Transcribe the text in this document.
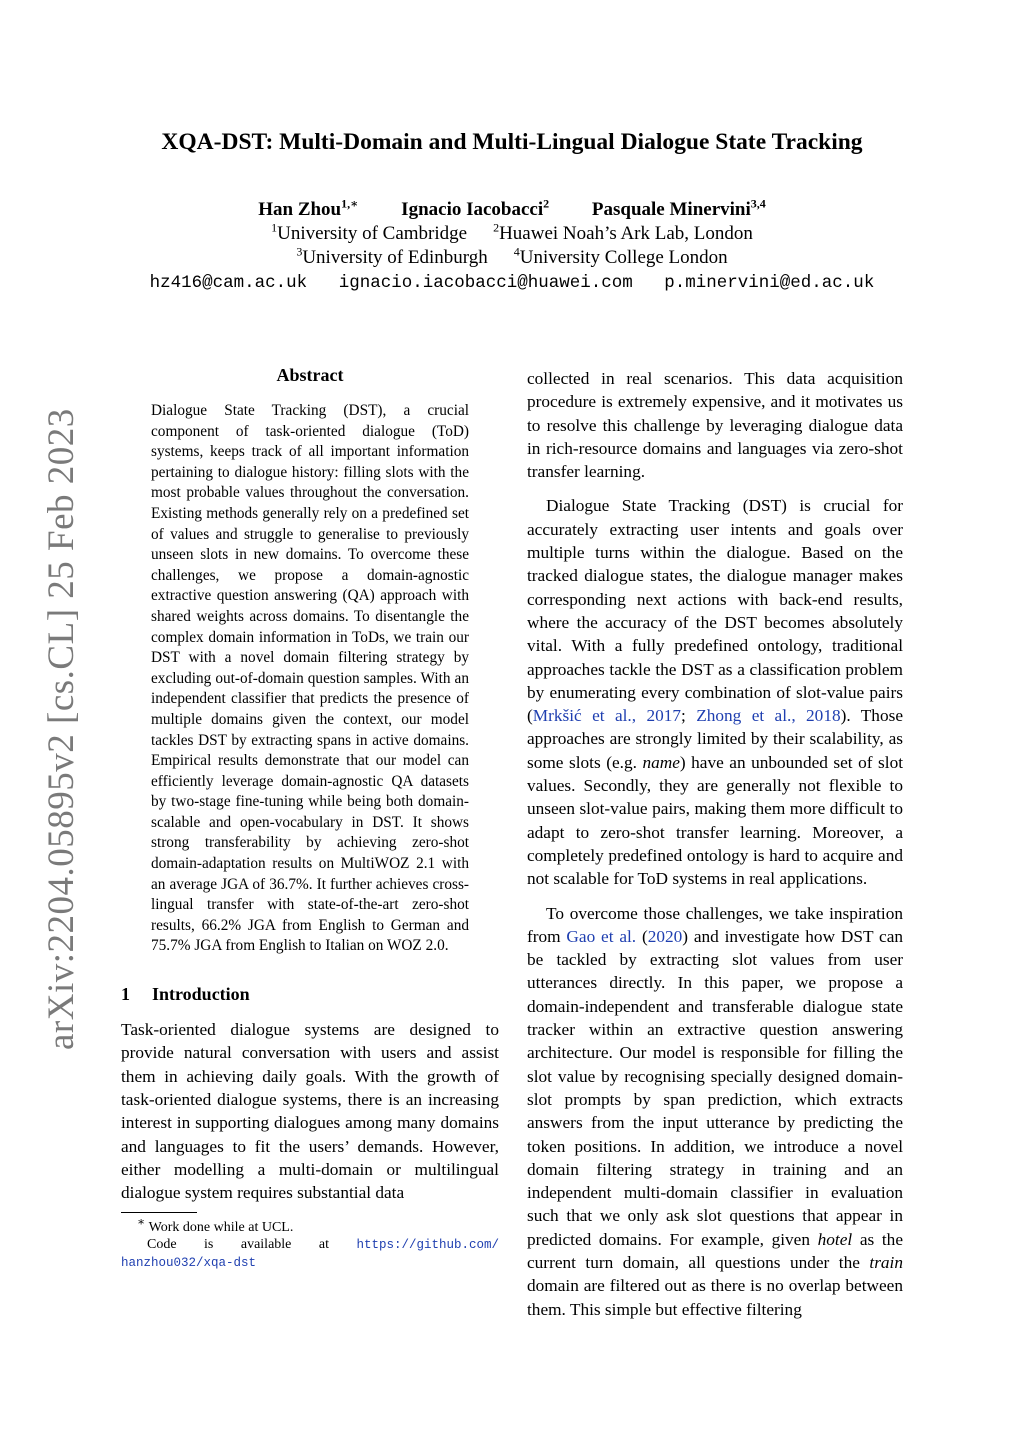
arXiv:2204.05895v2 [cs.CL] 25 Feb 2023
XQA-DST: Multi-Domain and Multi-Lingual Dialogue State Tracking
Han Zhou$^{1,∗}$ Ignacio Iacobacci$^2$ Pasquale Minervini$^{3,4}$
$^1$University of Cambridge $^2$Huawei Noah’s Ark Lab, London
$^3$University of Edinburgh $^4$University College London
hz416@cam.ac.uk ignacio.iacobacci@huawei.com p.minervini@ed.ac.uk
Abstract

Dialogue State Tracking (DST), a crucial component of task-oriented dialogue (ToD) systems, keeps track of all important information pertaining to dialogue history: filling slots with the most probable values throughout the conversation. Existing methods generally rely on a predefined set of values and struggle to generalise to previously unseen slots in new domains. To overcome these challenges, we propose a domain-agnostic extractive question answering (QA) approach with shared weights across domains. To disentangle the complex domain information in ToDs, we train our DST with a novel domain filtering strategy by excluding out-of-domain question samples. With an independent classifier that predicts the presence of multiple domains given the context, our model tackles DST by extracting spans in active domains. Empirical results demonstrate that our model can efficiently leverage domain-agnostic QA datasets by two-stage fine-tuning while being both domain-scalable and open-vocabulary in DST. It shows strong transferability by achieving zero-shot domain-adaptation results on MultiWOZ 2.1 with an average JGA of 36.7%. It further achieves cross-lingual transfer with state-of-the-art zero-shot results, 66.2% JGA from English to German and 75.7% JGA from English to Italian on WOZ 2.0.

1 Introduction

Task-oriented dialogue systems are designed to provide natural conversation with users and assist them in achieving daily goals. With the growth of task-oriented dialogue systems, there is an increasing interest in supporting dialogues among many domains and languages to fit the users’ demands. However, either modelling a multi-domain or multilingual dialogue system requires substantial data

∗ Work done while at UCL.
Code is available at https://github.com/
hanzhou032/xqa-dst

collected in real scenarios. This data acquisition procedure is extremely expensive, and it motivates us to resolve this challenge by leveraging dialogue data in rich-resource domains and languages via zero-shot transfer learning.

Dialogue State Tracking (DST) is crucial for accurately extracting user intents and goals over multiple turns within the dialogue. Based on the tracked dialogue states, the dialogue manager makes corresponding next actions with back-end results, where the accuracy of the DST becomes absolutely vital. With a fully predefined ontology, traditional approaches tackle the DST as a classification problem by enumerating every combination of slot-value pairs (Mrkšić et al., 2017; Zhong et al., 2018). Those approaches are strongly limited by their scalability, as some slots (e.g. name) have an unbounded set of slot values. Secondly, they are generally not flexible to unseen slot-value pairs, making them more difficult to adapt to zero-shot transfer learning. Moreover, a completely predefined ontology is hard to acquire and not scalable for ToD systems in real applications.

To overcome those challenges, we take inspiration from Gao et al. (2020) and investigate how DST can be tackled by extracting slot values from user utterances directly. In this paper, we propose a domain-independent and transferable dialogue state tracker within an extractive question answering architecture. Our model is responsible for filling the slot value by recognising specially designed domain-slot prompts by span prediction, which extracts answers from the input utterance by predicting the token positions. In addition, we introduce a novel domain filtering strategy in training and an independent multi-domain classifier in evaluation such that we only ask slot questions that appear in predicted domains. For example, given hotel as the current turn domain, all questions under the train domain are filtered out as there is no overlap between them. This simple but effective filtering
